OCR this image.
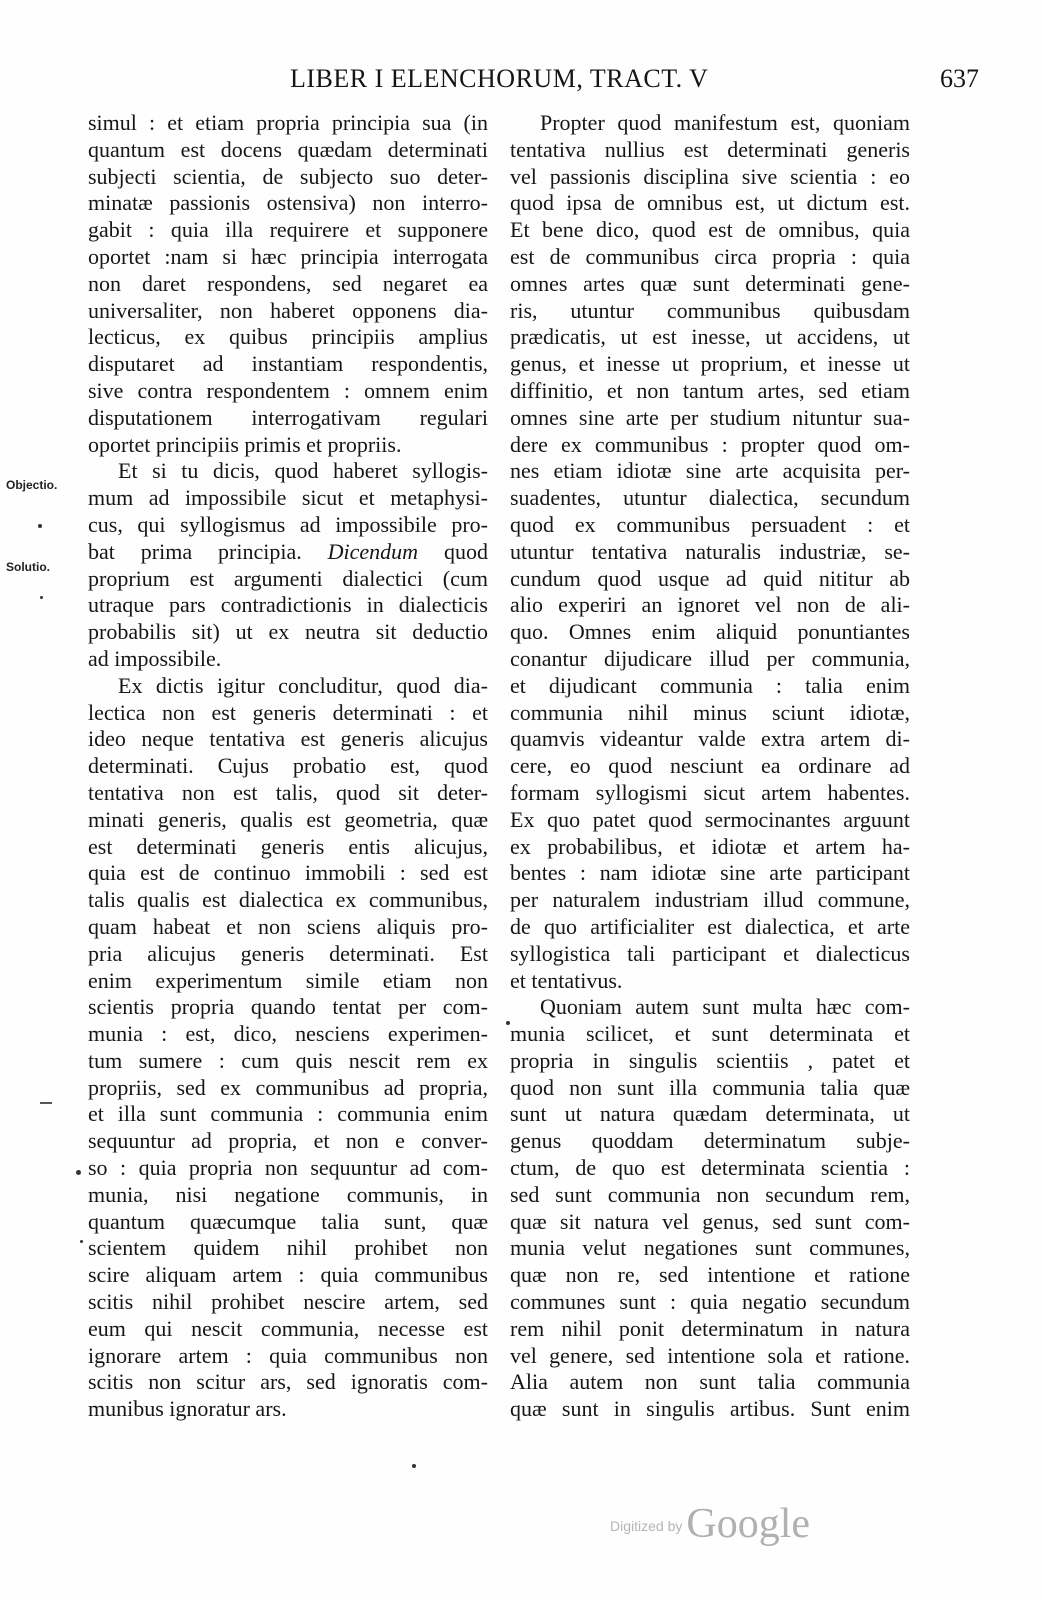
LIBER I ELENCHORUM, TRACT. V	637
Objectio.
Solutio.
simul : et etiam propria principia sua (in
quantum est docens quædam determinati
subjecti scientia, de subjecto suo deter-
minatæ passionis ostensiva) non interro-
gabit : quia illa requirere et supponere
oportet :nam si hæc principia interrogata
non daret respondens, sed negaret ea
universaliter, non haberet opponens dia-
lecticus, ex quibus principiis amplius
disputaret ad instantiam respondentis,
sive contra respondentem : omnem enim
disputationem interrogativam regulari
oportet principiis primis et propriis.
Et si tu dicis, quod haberet syllogis-
mum ad impossibile sicut et metaphysi-
cus, qui syllogismus ad impossibile pro-
bat prima principia. Dicendum quod
proprium est argumenti dialectici (cum
utraque pars contradictionis in dialecticis
probabilis sit) ut ex neutra sit deductio
ad impossibile.
Ex dictis igitur concluditur, quod dia-
lectica non est generis determinati : et
ideo neque tentativa est generis alicujus
determinati. Cujus probatio est, quod
tentativa non est talis, quod sit deter-
minati generis, qualis est geometria, quæ
est determinati generis entis alicujus,
quia est de continuo immobili : sed est
talis qualis est dialectica ex communibus,
quam habeat et non sciens aliquis pro-
pria alicujus generis determinati. Est
enim experimentum simile etiam non
scientis propria quando tentat per com-
munia : est, dico, nesciens experimen-
tum sumere : cum quis nescit rem ex
propriis, sed ex communibus ad propria,
et illa sunt communia : communia enim
sequuntur ad propria, et non e conver-
so : quia propria non sequuntur ad com-
munia, nisi negatione communis, in
quantum quæcumque talia sunt, quæ
scientem quidem nihil prohibet non
scire aliquam artem : quia communibus
scitis nihil prohibet nescire artem, sed
eum qui nescit communia, necesse est
ignorare artem : quia communibus non
scitis non scitur ars, sed ignoratis com-
munibus ignoratur ars.
Propter quod manifestum est, quoniam
tentativa nullius est determinati generis
vel passionis disciplina sive scientia : eo
quod ipsa de omnibus est, ut dictum est.
Et bene dico, quod est de omnibus, quia
est de communibus circa propria : quia
omnes artes quæ sunt determinati gene-
ris, utuntur communibus quibusdam
prædicatis, ut est inesse, ut accidens, ut
genus, et inesse ut proprium, et inesse ut
diffinitio, et non tantum artes, sed etiam
omnes sine arte per studium nituntur sua-
dere ex communibus : propter quod om-
nes etiam idiotæ sine arte acquisita per-
suadentes, utuntur dialectica, secundum
quod ex communibus persuadent : et
utuntur tentativa naturalis industriæ, se-
cundum quod usque ad quid nititur ab
alio experiri an ignoret vel non de ali-
quo. Omnes enim aliquid ponuntiantes
conantur dijudicare illud per communia,
et dijudicant communia : talia enim
communia nihil minus sciunt idiotæ,
quamvis videantur valde extra artem di-
cere, eo quod nesciunt ea ordinare ad
formam syllogismi sicut artem habentes.
Ex quo patet quod sermocinantes arguunt
ex probabilibus, et idiotæ et artem ha-
bentes : nam idiotæ sine arte participant
per naturalem industriam illud commune,
de quo artificialiter est dialectica, et arte
syllogistica tali participant et dialecticus
et tentativus.
Quoniam autem sunt multa hæc com-
munia scilicet, et sunt determinata et
propria in singulis scientiis , patet et
quod non sunt illa communia talia quæ
sunt ut natura quædam determinata, ut
genus quoddam determinatum subje-
ctum, de quo est determinata scientia :
sed sunt communia non secundum rem,
quæ sit natura vel genus, sed sunt com-
munia velut negationes sunt communes,
quæ non re, sed intentione et ratione
communes sunt : quia negatio secundum
rem nihil ponit determinatum in natura
vel genere, sed intentione sola et ratione.
Alia autem non sunt talia communia
quæ sunt in singulis artibus. Sunt enim
Digitized byGoogle
